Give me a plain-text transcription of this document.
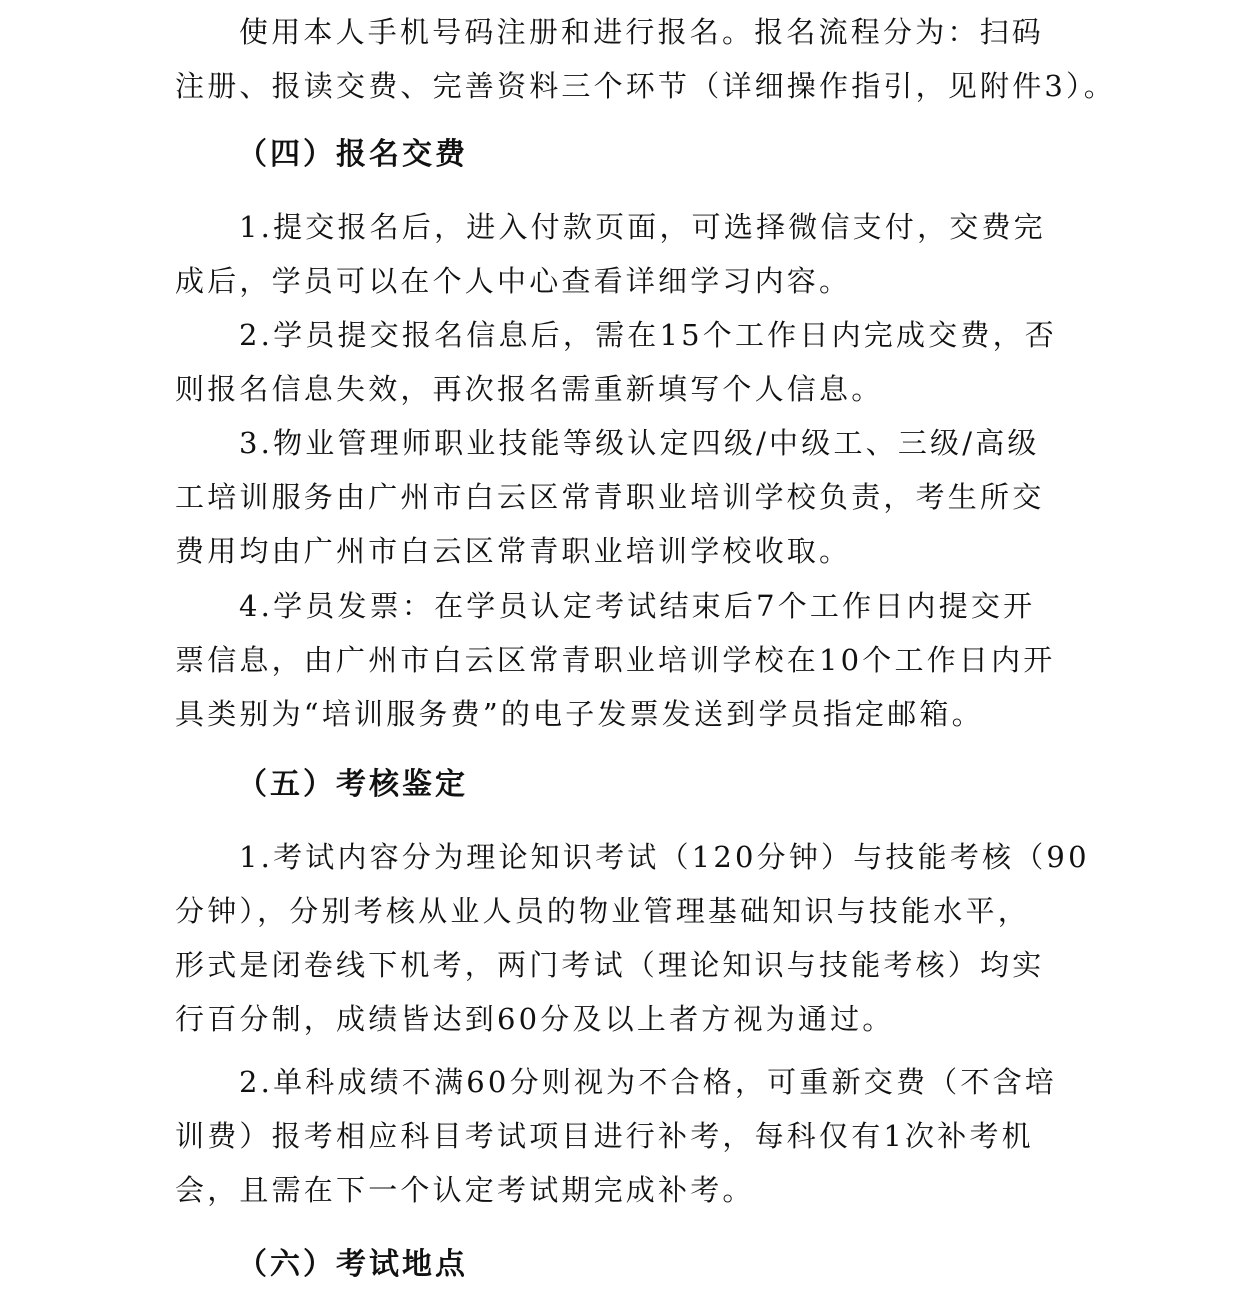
使用本人手机号码注册和进行报名。报名流程分为：扫码
注册、报读交费、完善资料三个环节（详细操作指引，见附件3）。
（四）报名交费
1.提交报名后，进入付款页面，可选择微信支付，交费完
成后，学员可以在个人中心查看详细学习内容。
2.学员提交报名信息后，需在15个工作日内完成交费，否
则报名信息失效，再次报名需重新填写个人信息。
3.物业管理师职业技能等级认定四级/中级工、三级/高级
工培训服务由广州市白云区常青职业培训学校负责，考生所交
费用均由广州市白云区常青职业培训学校收取。
4.学员发票：在学员认定考试结束后7个工作日内提交开
票信息，由广州市白云区常青职业培训学校在10个工作日内开
具类别为“培训服务费”的电子发票发送到学员指定邮箱。
（五）考核鉴定
1.考试内容分为理论知识考试（120分钟）与技能考核（90
分钟），分别考核从业人员的物业管理基础知识与技能水平，
形式是闭卷线下机考，两门考试（理论知识与技能考核）均实
行百分制，成绩皆达到60分及以上者方视为通过。
2.单科成绩不满60分则视为不合格，可重新交费（不含培
训费）报考相应科目考试项目进行补考，每科仅有1次补考机
会，且需在下一个认定考试期完成补考。
（六）考试地点
